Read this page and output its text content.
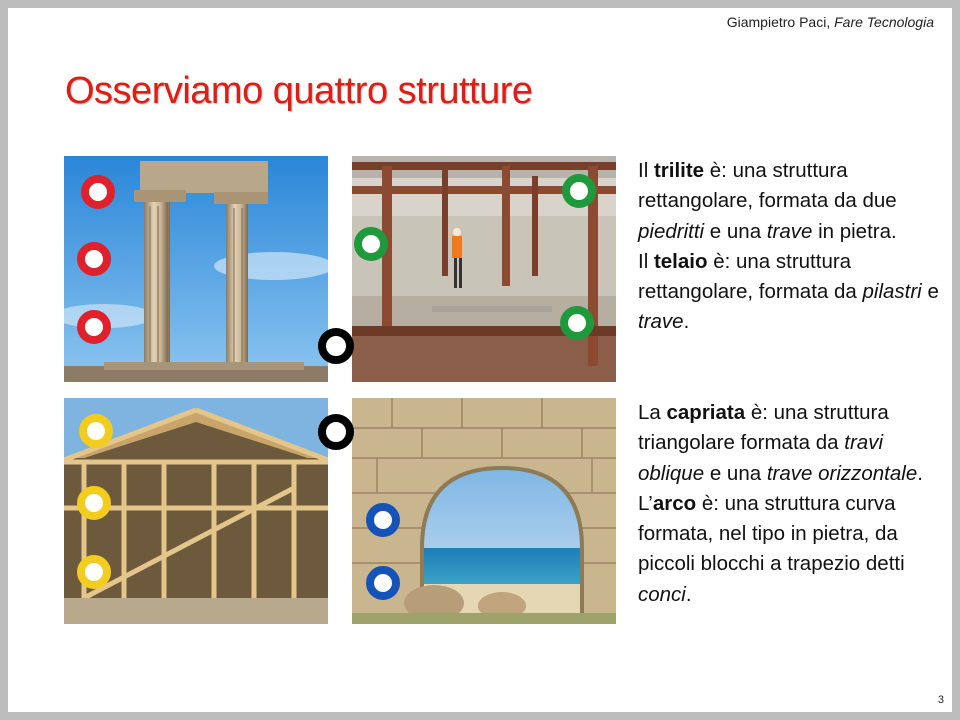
Giampietro Paci, Fare Tecnologia
Osserviamo quattro strutture

Il trilite è: una struttura rettangolare, formata da due piedritti e una trave in pietra.

Il telaio è: una struttura rettangolare, formata da pilastri e trave.

La capriata è: una struttura triangolare formata da travi oblique e una trave orizzontale.

L’arco è: una struttura curva formata, nel tipo in pietra, da piccoli blocchi a trapezio detti conci.

3
